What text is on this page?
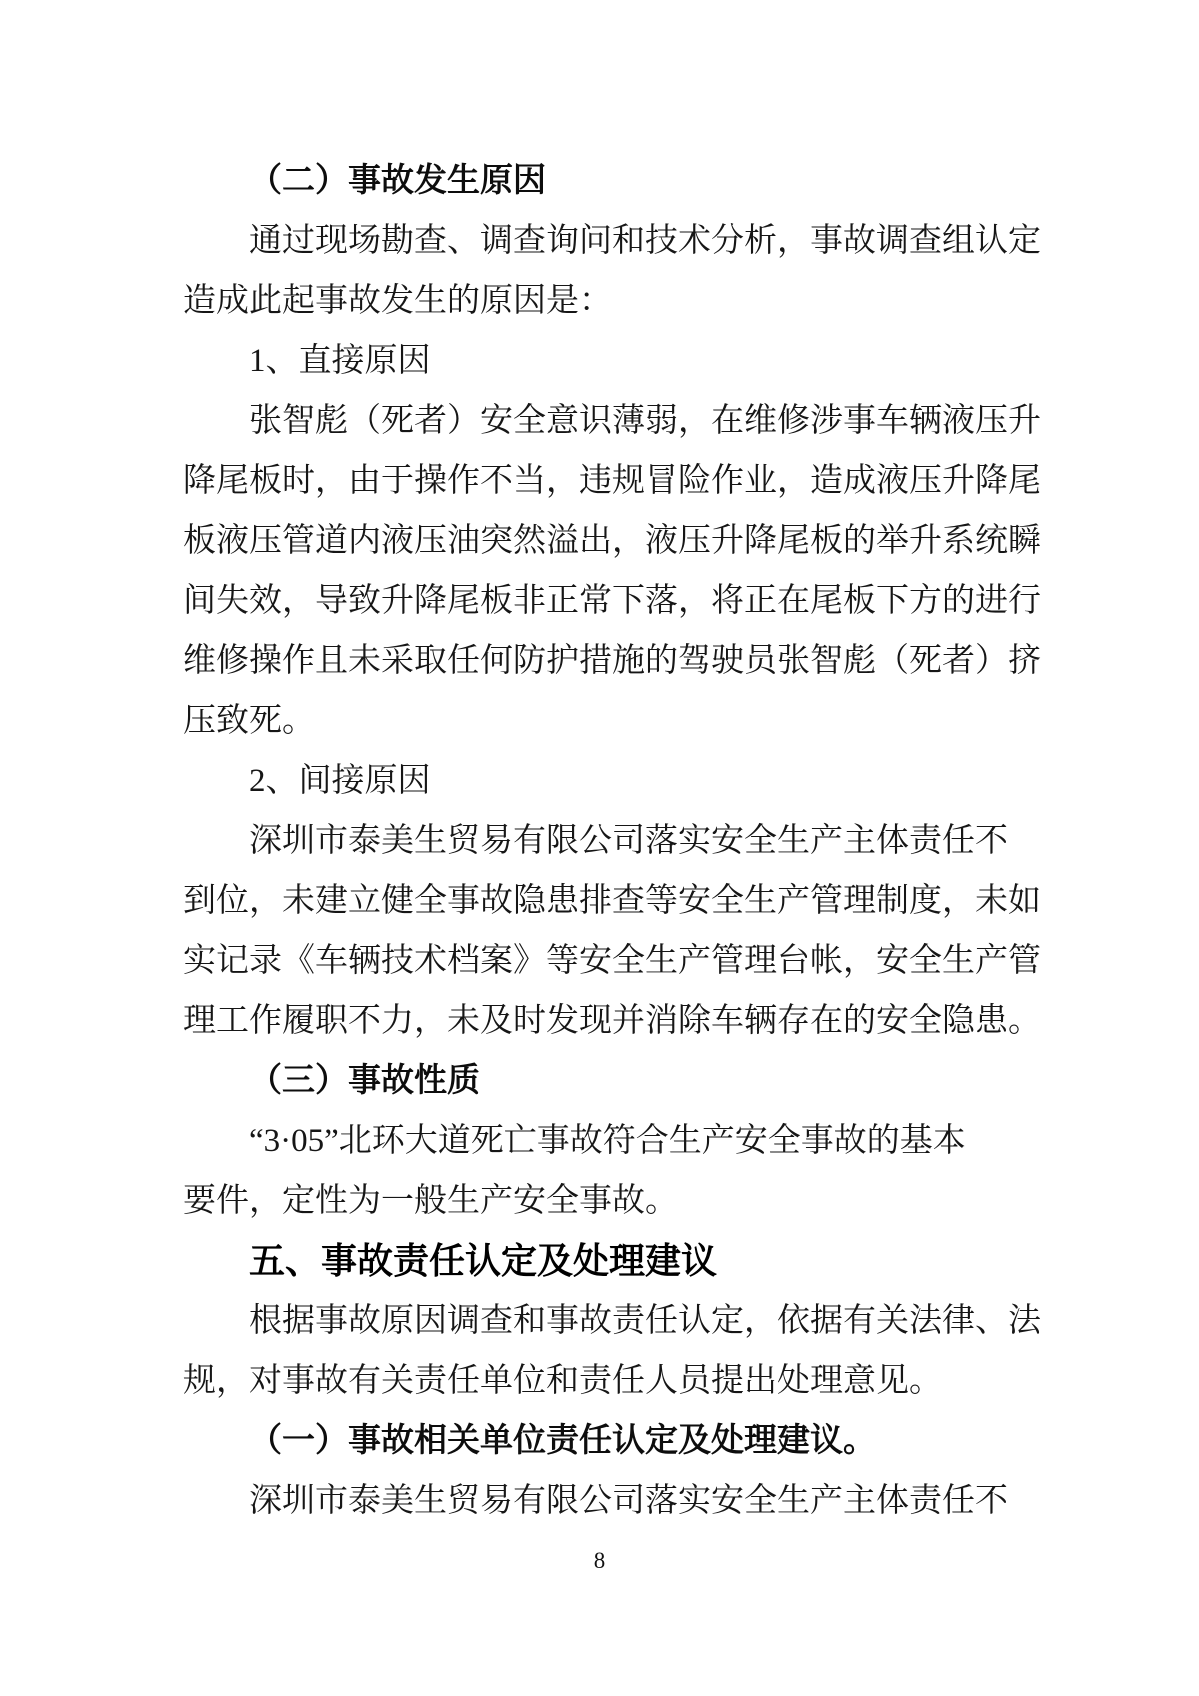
（二）事故发生原因
通过现场勘查、调查询问和技术分析，事故调查组认定
造成此起事故发生的原因是：
1、直接原因
张智彪（死者）安全意识薄弱，在维修涉事车辆液压升
降尾板时，由于操作不当，违规冒险作业，造成液压升降尾
板液压管道内液压油突然溢出，液压升降尾板的举升系统瞬
间失效，导致升降尾板非正常下落，将正在尾板下方的进行
维修操作且未采取任何防护措施的驾驶员张智彪（死者）挤
压致死。
2、间接原因
深圳市泰美生贸易有限公司落实安全生产主体责任不
到位，未建立健全事故隐患排查等安全生产管理制度，未如
实记录《车辆技术档案》等安全生产管理台帐，安全生产管
理工作履职不力，未及时发现并消除车辆存在的安全隐患。
（三）事故性质
“3·05”北环大道死亡事故符合生产安全事故的基本
要件，定性为一般生产安全事故。
五、事故责任认定及处理建议
根据事故原因调查和事故责任认定，依据有关法律、法
规，对事故有关责任单位和责任人员提出处理意见。
（一）事故相关单位责任认定及处理建议。
深圳市泰美生贸易有限公司落实安全生产主体责任不
8
